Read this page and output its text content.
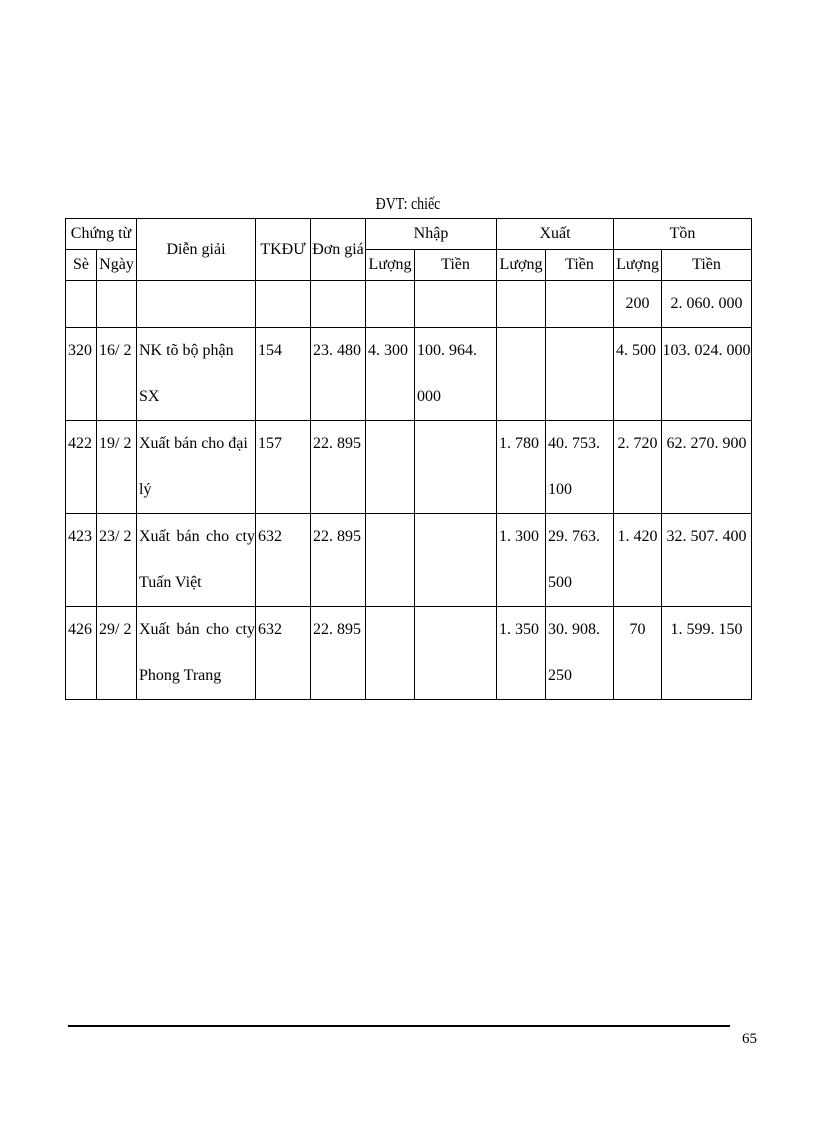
ĐVT: chiếc
Chứng từ		Diễn giải	TKĐƯ	Đơn giá	Nhập		Xuất		Tồn	
Sè	Ngày				Lượng	Tiền	Lượng	Tiền	Lượng	Tiền
									200	2. 060. 000
320	16/ 2	NK tõ bộ phận SX	154	23. 480	4. 300	100. 964. 000			4. 500	103. 024. 000
422	19/ 2	Xuất bán cho đại lý	157	22. 895			1. 780	40. 753. 100	2. 720	62. 270. 900
423	23/ 2	Xuất bán cho cty Tuấn Việt	632	22. 895			1. 300	29. 763. 500	1. 420	32. 507. 400
426	29/ 2	Xuất bán cho cty Phong Trang	632	22. 895			1. 350	30. 908. 250	70	1. 599. 150
65
